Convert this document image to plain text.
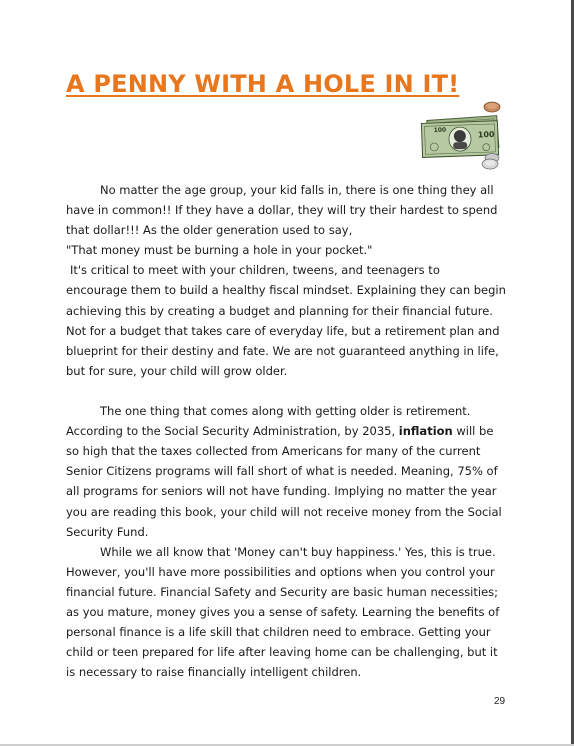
A PENNY WITH A HOLE IN IT!
100	100
No matter the age group, your kid falls in, there is one thing they all
have in common!! If they have a dollar, they will try their hardest to spend
that dollar!!! As the older generation used to say,
"That money must be burning a hole in your pocket."
It's critical to meet with your children, tweens, and teenagers to
encourage them to build a healthy fiscal mindset. Explaining they can begin
achieving this by creating a budget and planning for their financial future.
Not for a budget that takes care of everyday life, but a retirement plan and
blueprint for their destiny and fate. We are not guaranteed anything in life,
but for sure, your child will grow older.
The one thing that comes along with getting older is retirement.
According to the Social Security Administration, by 2035, inflation will be
so high that the taxes collected from Americans for many of the current
Senior Citizens programs will fall short of what is needed. Meaning, 75% of
all programs for seniors will not have funding. Implying no matter the year
you are reading this book, your child will not receive money from the Social
Security Fund.
While we all know that 'Money can't buy happiness.' Yes, this is true.
However, you'll have more possibilities and options when you control your
financial future. Financial Safety and Security are basic human necessities;
as you mature, money gives you a sense of safety. Learning the benefits of
personal finance is a life skill that children need to embrace. Getting your
child or teen prepared for life after leaving home can be challenging, but it
is necessary to raise financially intelligent children.
29
